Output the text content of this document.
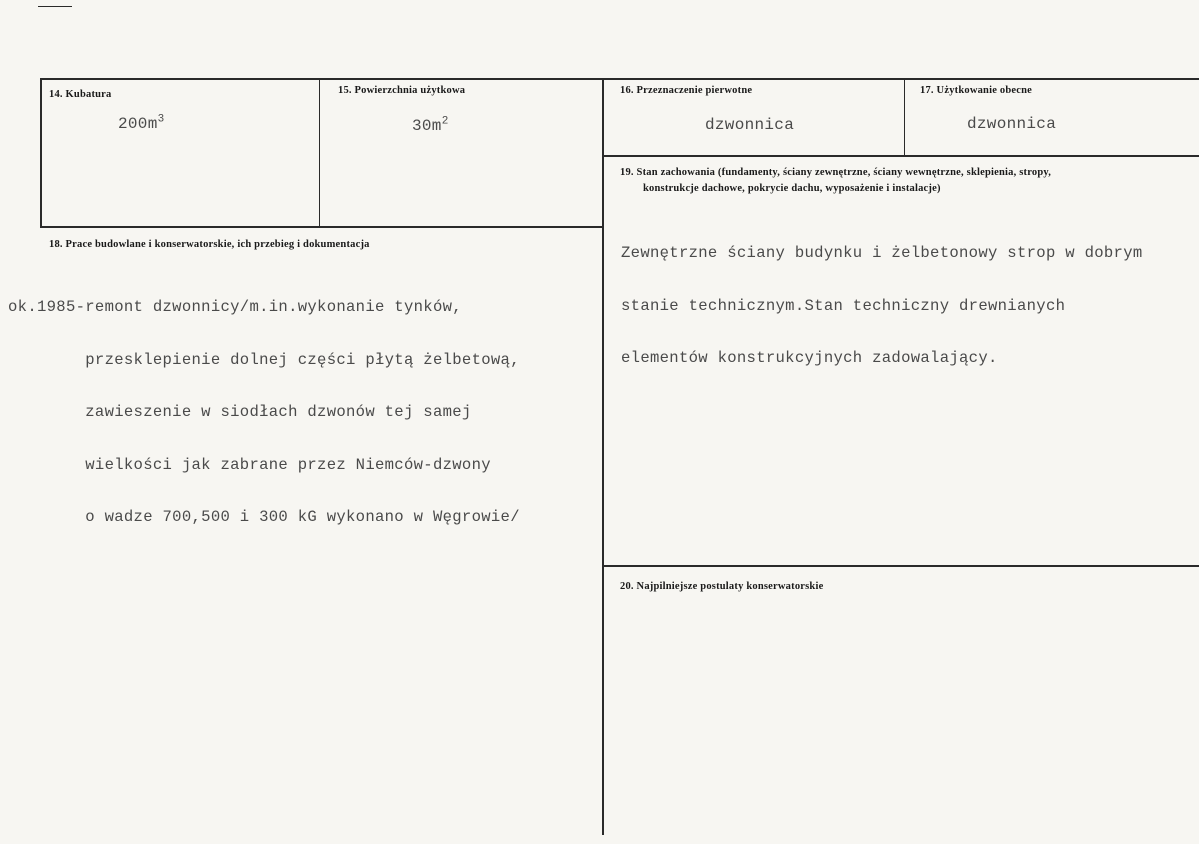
14. Kubatura
$200m^3$
15. Powierzchnia użytkowa
$30m^2$
16. Przeznaczenie pierwotne
dzwonnica
17. Użytkowanie obecne
dzwonnica
18. Prace budowlane i konserwatorskie, ich przebieg i dokumentacja

ok.1985-remont dzwonnicy/m.in.wykonanie tynków,

przesklepienie dolnej części płytą żelbetową,

zawieszenie w siodłach dzwonów tej samej

wielkości jak zabrane przez Niemców-dzwony

o wadze 700,500 i 300 kG wykonano w Węgrowie/

19. Stan zachowania (fundamenty, ściany zewnętrzne, ściany wewnętrzne, sklepienia, stropy,
konstrukcje dachowe, pokrycie dachu, wyposażenie i instalacje)

Zewnętrzne ściany budynku i żelbetonowy strop w dobrym

stanie technicznym.Stan techniczny drewnianych

elementów konstrukcyjnych zadowalający.

20. Najpilniejsze postulaty konserwatorskie
